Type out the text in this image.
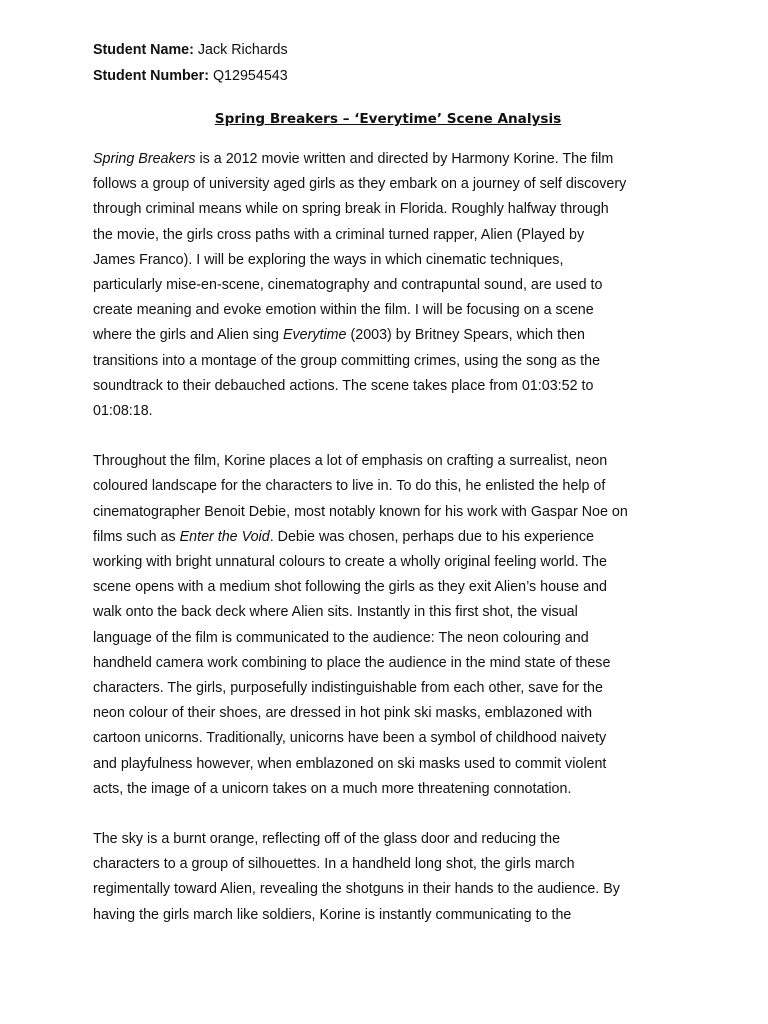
Student Name: Jack Richards

Student Number: Q12954543

Spring Breakers – ‘Everytime’ Scene Analysis
Spring Breakers is a 2012 movie written and directed by Harmony Korine. The film
follows a group of university aged girls as they embark on a journey of self discovery
through criminal means while on spring break in Florida. Roughly halfway through
the movie, the girls cross paths with a criminal turned rapper, Alien (Played by
James Franco). I will be exploring the ways in which cinematic techniques,
particularly mise-en-scene, cinematography and contrapuntal sound, are used to
create meaning and evoke emotion within the film. I will be focusing on a scene
where the girls and Alien sing Everytime (2003) by Britney Spears, which then
transitions into a montage of the group committing crimes, using the song as the
soundtrack to their debauched actions. The scene takes place from 01:03:52 to
01:08:18.
Throughout the film, Korine places a lot of emphasis on crafting a surrealist, neon
coloured landscape for the characters to live in. To do this, he enlisted the help of
cinematographer Benoit Debie, most notably known for his work with Gaspar Noe on
films such as Enter the Void. Debie was chosen, perhaps due to his experience
working with bright unnatural colours to create a wholly original feeling world. The
scene opens with a medium shot following the girls as they exit Alien’s house and
walk onto the back deck where Alien sits. Instantly in this first shot, the visual
language of the film is communicated to the audience: The neon colouring and
handheld camera work combining to place the audience in the mind state of these
characters. The girls, purposefully indistinguishable from each other, save for the
neon colour of their shoes, are dressed in hot pink ski masks, emblazoned with
cartoon unicorns. Traditionally, unicorns have been a symbol of childhood naivety
and playfulness however, when emblazoned on ski masks used to commit violent
acts, the image of a unicorn takes on a much more threatening connotation.
The sky is a burnt orange, reflecting off of the glass door and reducing the
characters to a group of silhouettes. In a handheld long shot, the girls march
regimentally toward Alien, revealing the shotguns in their hands to the audience. By
having the girls march like soldiers, Korine is instantly communicating to the
